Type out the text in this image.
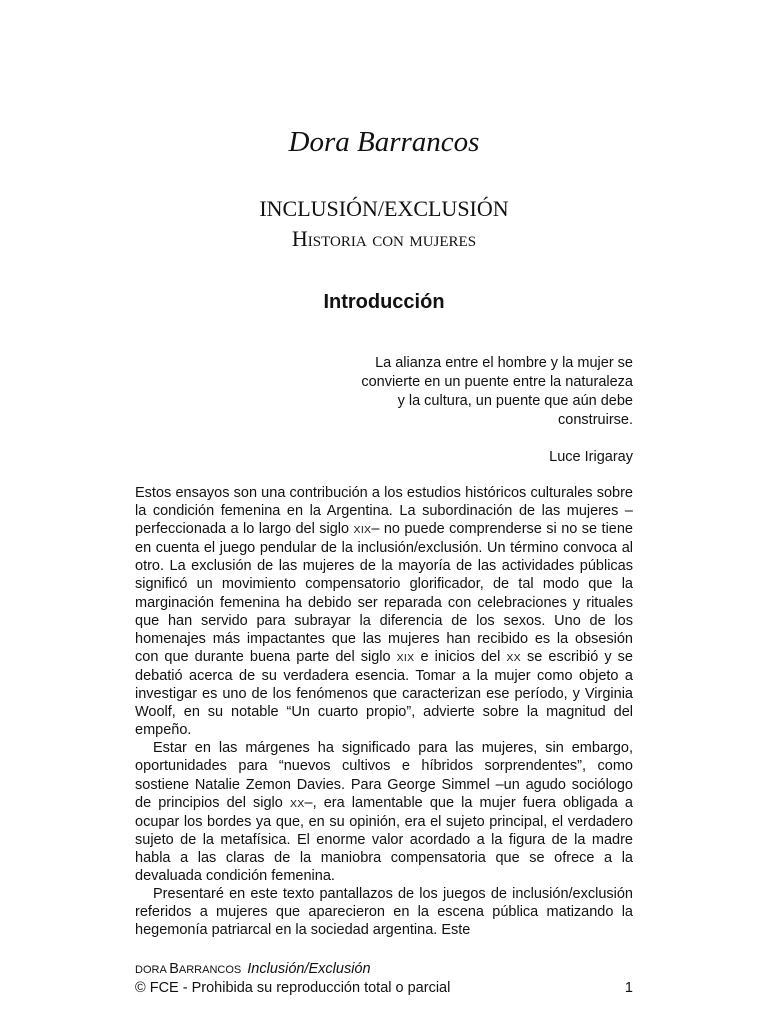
Dora Barrancos
INCLUSIÓN/EXCLUSIÓN
Historia con mujeres
Introducción
La alianza entre el hombre y la mujer se
convierte en un puente entre la naturaleza
y la cultura, un puente que aún debe
construirse.
Luce Irigaray

Estos ensayos son una contribución a los estudios históricos culturales sobre la condición femenina en la Argentina. La subordinación de las mujeres –perfeccionada a lo largo del siglo XIX– no puede comprenderse si no se tiene en cuenta el juego pendular de la inclusión/exclusión. Un término convoca al otro. La exclusión de las mujeres de la mayoría de las actividades públicas significó un movimiento compensatorio glorificador, de tal modo que la marginación femenina ha debido ser reparada con celebraciones y rituales que han servido para subrayar la diferencia de los sexos. Uno de los homenajes más impactantes que las mujeres han recibido es la obsesión con que durante buena parte del siglo XIX e inicios del XX se escribió y se debatió acerca de su verdadera esencia. Tomar a la mujer como objeto a investigar es uno de los fenómenos que caracterizan ese período, y Virginia Woolf, en su notable “Un cuarto propio”, advierte sobre la magnitud del empeño.

Estar en las márgenes ha significado para las mujeres, sin embargo, oportunidades para “nuevos cultivos e híbridos sorprendentes”, como sostiene Natalie Zemon Davies. Para George Simmel –un agudo sociólogo de principios del siglo XX–, era lamentable que la mujer fuera obligada a ocupar los bordes ya que, en su opinión, era el sujeto principal, el verdadero sujeto de la metafísica. El enorme valor acordado a la figura de la madre habla a las claras de la maniobra compensatoria que se ofrece a la devaluada condición femenina.

Presentaré en este texto pantallazos de los juegos de inclusión/exclusión referidos a mujeres que aparecieron en la escena pública matizando la hegemonía patriarcal en la sociedad argentina. Este

DORA BARRANCOS Inclusión/Exclusión
© FCE - Prohibida su reproducción total o parcial	1
